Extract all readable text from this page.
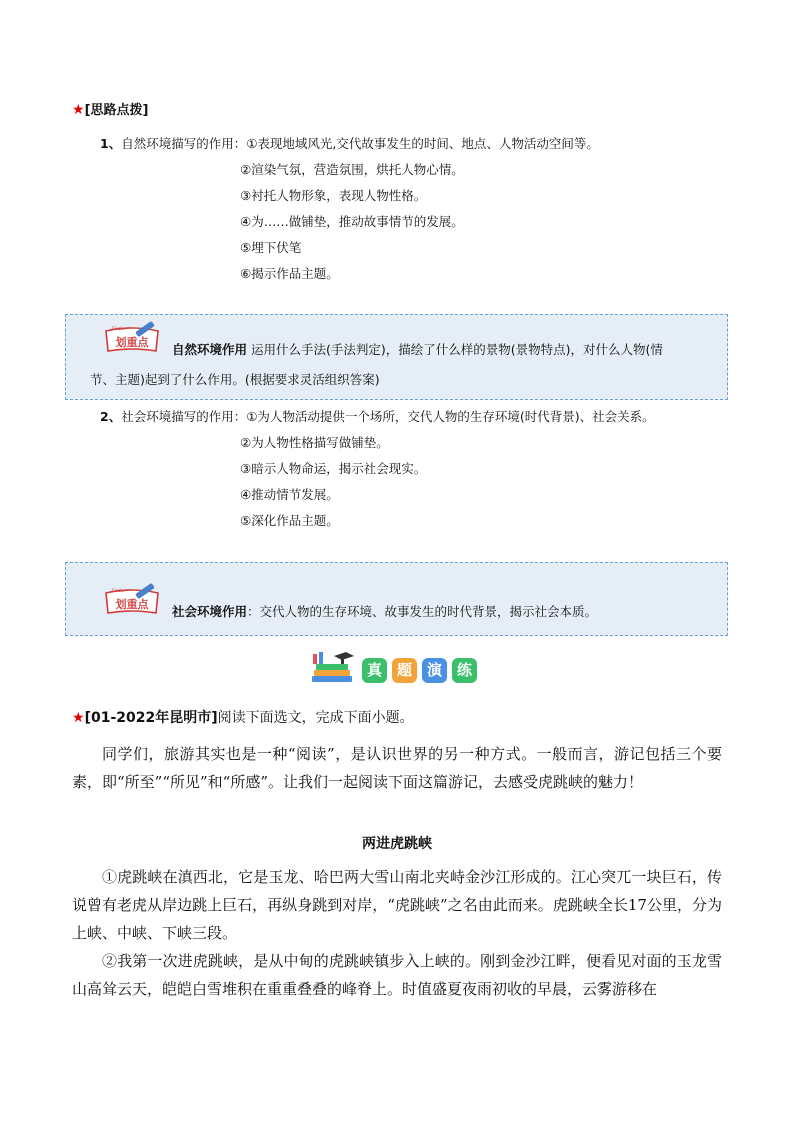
★[思路点拨]
1、自然环境描写的作用：①表现地域风光,交代故事发生的时间、地点、人物活动空间等。
②渲染气氛，营造氛围，烘托人物心情。
③衬托人物形象，表现人物性格。
④为……做铺垫，推动故事情节的发展。
⑤埋下伏笔
⑥揭示作品主题。
划重点
Circle
自然环境作用 运用什么手法(手法判定)，描绘了什么样的景物(景物特点)，对什么人物(情
节、主题)起到了什么作用。(根据要求灵活组织答案)
2、社会环境描写的作用：①为人物活动提供一个场所，交代人物的生存环境(时代背景)、社会关系。
②为人物性格描写做铺垫。
③暗示人物命运，揭示社会现实。
④推动情节发展。
⑤深化作品主题。
划重点
Circle
社会环境作用：交代人物的生存环境、故事发生的时代背景，揭示社会本质。
真 题 演 练
★[01-2022年昆明市]阅读下面选文，完成下面小题。
同学们，旅游其实也是一种“阅读”，是认识世界的另一种方式。一般而言，游记包括三个要素，即“所至”“所见”和“所感”。让我们一起阅读下面这篇游记，去感受虎跳峡的魅力！
两进虎跳峡
①虎跳峡在滇西北，它是玉龙、哈巴两大雪山南北夹峙金沙江形成的。江心突兀一块巨石，传说曾有老虎从岸边跳上巨石，再纵身跳到对岸，“虎跳峡”之名由此而来。虎跳峡全长17公里，分为上峡、中峡、下峡三段。
②我第一次进虎跳峡，是从中甸的虎跳峡镇步入上峡的。刚到金沙江畔，便看见对面的玉龙雪山高耸云天，皑皑白雪堆积在重重叠叠的峰脊上。时值盛夏夜雨初收的早晨，云雾游移在
